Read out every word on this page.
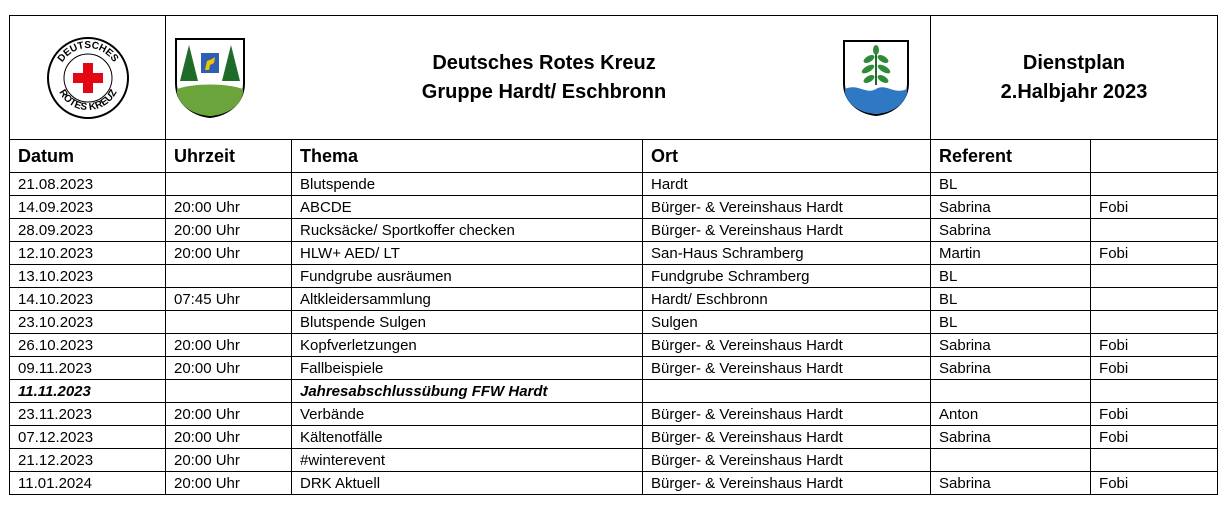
DEUTSCHES
ROTES KREUZ	Deutsches Rotes Kreuz
Gruppe Hardt/ Eschbronn			Dienstplan
2.Halbjahr 2023	

Datum	Uhrzeit	Thema	Ort	Referent	
21.08.2023		Blutspende	Hardt	BL	
14.09.2023	20:00 Uhr	ABCDE	Bürger- & Vereinshaus Hardt	Sabrina	Fobi
28.09.2023	20:00 Uhr	Rucksäcke/ Sportkoffer checken	Bürger- & Vereinshaus Hardt	Sabrina	
12.10.2023	20:00 Uhr	HLW+ AED/ LT	San-Haus Schramberg	Martin	Fobi
13.10.2023		Fundgrube ausräumen	Fundgrube Schramberg	BL	
14.10.2023	07:45 Uhr	Altkleidersammlung	Hardt/ Eschbronn	BL	
23.10.2023		Blutspende Sulgen	Sulgen	BL	
26.10.2023	20:00 Uhr	Kopfverletzungen	Bürger- & Vereinshaus Hardt	Sabrina	Fobi
09.11.2023	20:00 Uhr	Fallbeispiele	Bürger- & Vereinshaus Hardt	Sabrina	Fobi
11.11.2023		Jahresabschlussübung FFW Hardt			
23.11.2023	20:00 Uhr	Verbände	Bürger- & Vereinshaus Hardt	Anton	Fobi
07.12.2023	20:00 Uhr	Kältenotfälle	Bürger- & Vereinshaus Hardt	Sabrina	Fobi
21.12.2023	20:00 Uhr	#winterevent	Bürger- & Vereinshaus Hardt		
11.01.2024	20:00 Uhr	DRK Aktuell	Bürger- & Vereinshaus Hardt	Sabrina	Fobi
